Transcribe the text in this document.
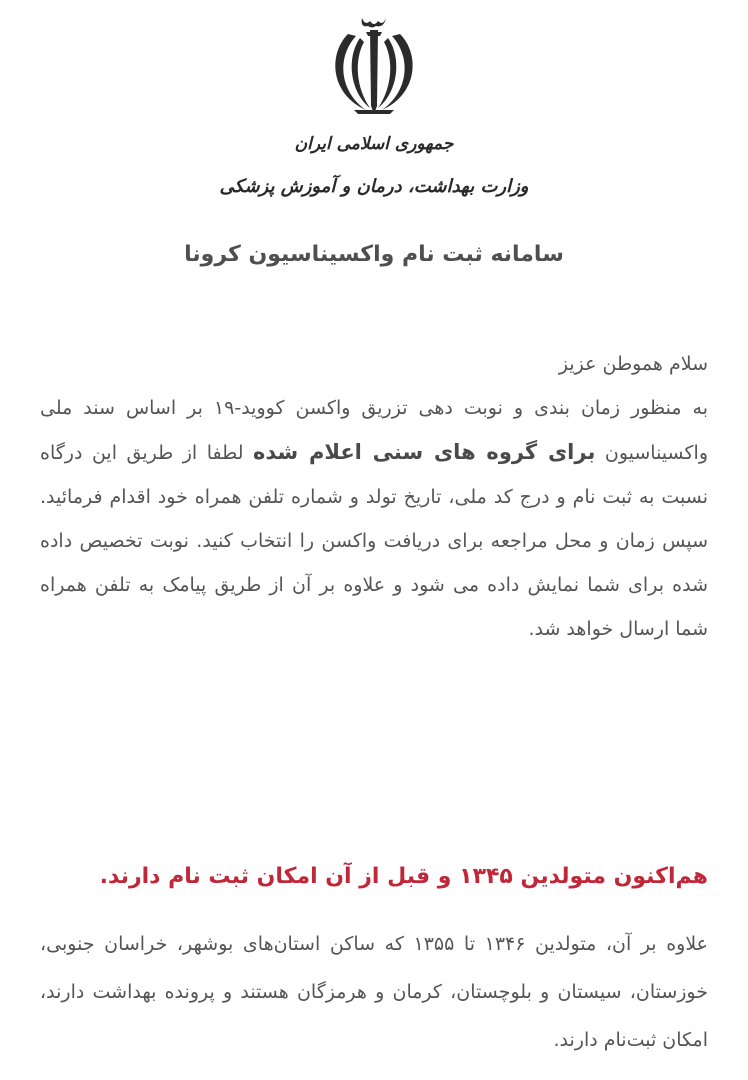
جمهوری اسلامی ایران
وزارت بهداشت، درمان و آموزش پزشکی
سامانه ثبت نام واکسیناسیون کرونا

سلام هموطن عزیز

به منظور زمان بندی و نوبت دهی تزریق واکسن کووید-۱۹ بر اساس سند ملی واکسیناسیون برای گروه های سنی اعلام شده لطفا از طریق این درگاه نسبت به ثبت نام و درج کد ملی، تاریخ تولد و شماره تلفن همراه خود اقدام فرمائید. سپس زمان و محل مراجعه برای دریافت واکسن را انتخاب کنید. نوبت تخصیص داده شده برای شما نمایش داده می شود و علاوه بر آن از طریق پیامک به تلفن همراه شما ارسال خواهد شد.

هم‌اکنون متولدین ۱۳۴۵ و قبل از آن امکان ثبت نام دارند.

علاوه بر آن، متولدین ۱۳۴۶ تا ۱۳۵۵ که ساکن استان‌های بوشهر، خراسان جنوبی، خوزستان، سیستان و بلوچستان، کرمان و هرمزگان هستند و پرونده بهداشت دارند، امکان ثبت‌نام دارند.
